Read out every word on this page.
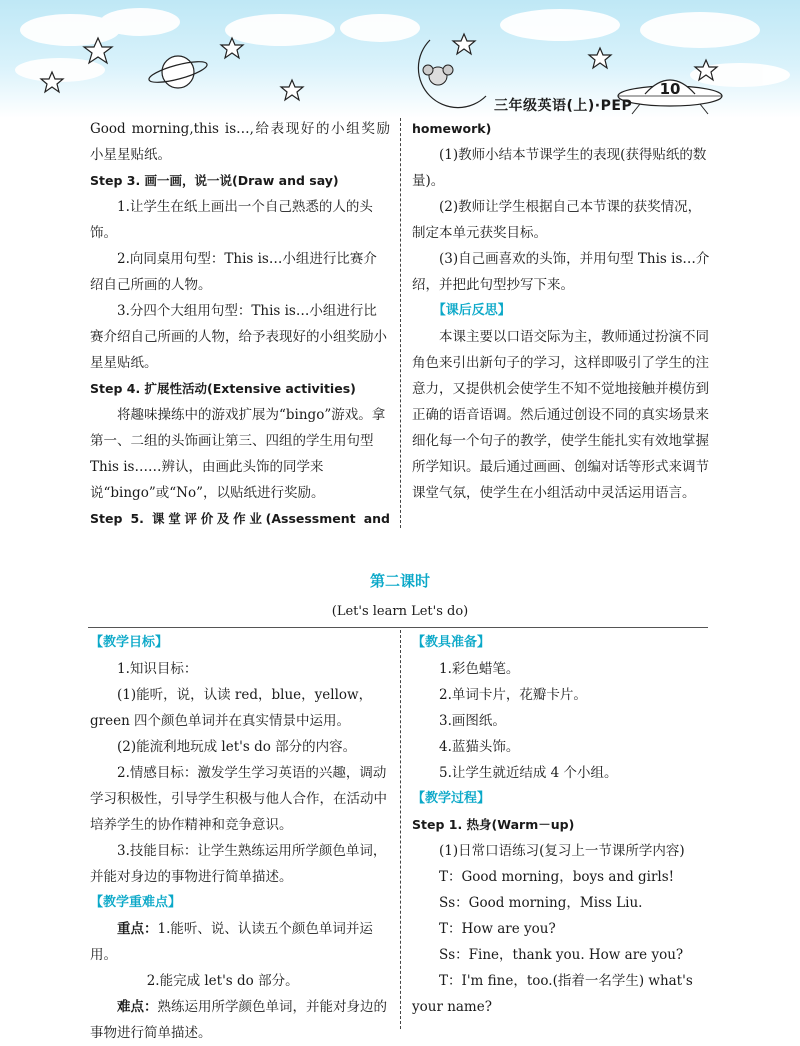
三年级英语(上)·PEP
10

Good morning,this is…,给表现好的小组奖励

小星星贴纸。

Step 3. 画一画，说一说(Draw and say)

1.让学生在纸上画出一个自己熟悉的人的头饰。

2.向同桌用句型：This is…小组进行比赛介绍自己所画的人物。

3.分四个大组用句型：This is…小组进行比赛介绍自己所画的人物，给予表现好的小组奖励小星星贴纸。

Step 4. 扩展性活动(Extensive activities)

将趣味操练中的游戏扩展为“bingo”游戏。拿第一、二组的头饰画让第三、四组的学生用句型 This is……辨认，由画此头饰的同学来说“bingo”或“No”，以贴纸进行奖励。

Step 5. 课堂评价及作业(Assessment and

homework)

(1)教师小结本节课学生的表现(获得贴纸的数量)。

(2)教师让学生根据自己本节课的获奖情况，制定本单元获奖目标。

(3)自己画喜欢的头饰，并用句型 This is…介绍，并把此句型抄写下来。

【课后反思】

本课主要以口语交际为主，教师通过扮演不同角色来引出新句子的学习，这样即吸引了学生的注意力，又提供机会使学生不知不觉地接触并模仿到正确的语音语调。然后通过创设不同的真实场景来细化每一个句子的教学，使学生能扎实有效地掌握所学知识。最后通过画画、创编对话等形式来调节课堂气氛，使学生在小组活动中灵活运用语言。

第二课时
(Let's learn Let's do)

【教学目标】

1.知识目标：

(1)能听，说，认读 red，blue，yellow，green 四个颜色单词并在真实情景中运用。

(2)能流利地玩成 let's do 部分的内容。

2.情感目标：激发学生学习英语的兴趣，调动学习积极性，引导学生积极与他人合作，在活动中培养学生的协作精神和竞争意识。

3.技能目标：让学生熟练运用所学颜色单词，并能对身边的事物进行简单描述。

【教学重难点】

重点：1.能听、说、认读五个颜色单词并运用。

2.能完成 let's do 部分。

难点：熟练运用所学颜色单词，并能对身边的事物进行简单描述。

【教具准备】

1.彩色蜡笔。

2.单词卡片，花瓣卡片。

3.画图纸。

4.蓝猫头饰。

5.让学生就近结成 4 个小组。

【教学过程】

Step 1. 热身(Warm－up)

(1)日常口语练习(复习上一节课所学内容)

T：Good morning，boys and girls!

Ss：Good morning，Miss Liu.

T：How are you?

Ss：Fine，thank you. How are you?

T：I'm fine，too.(指着一名学生) what's your name?
